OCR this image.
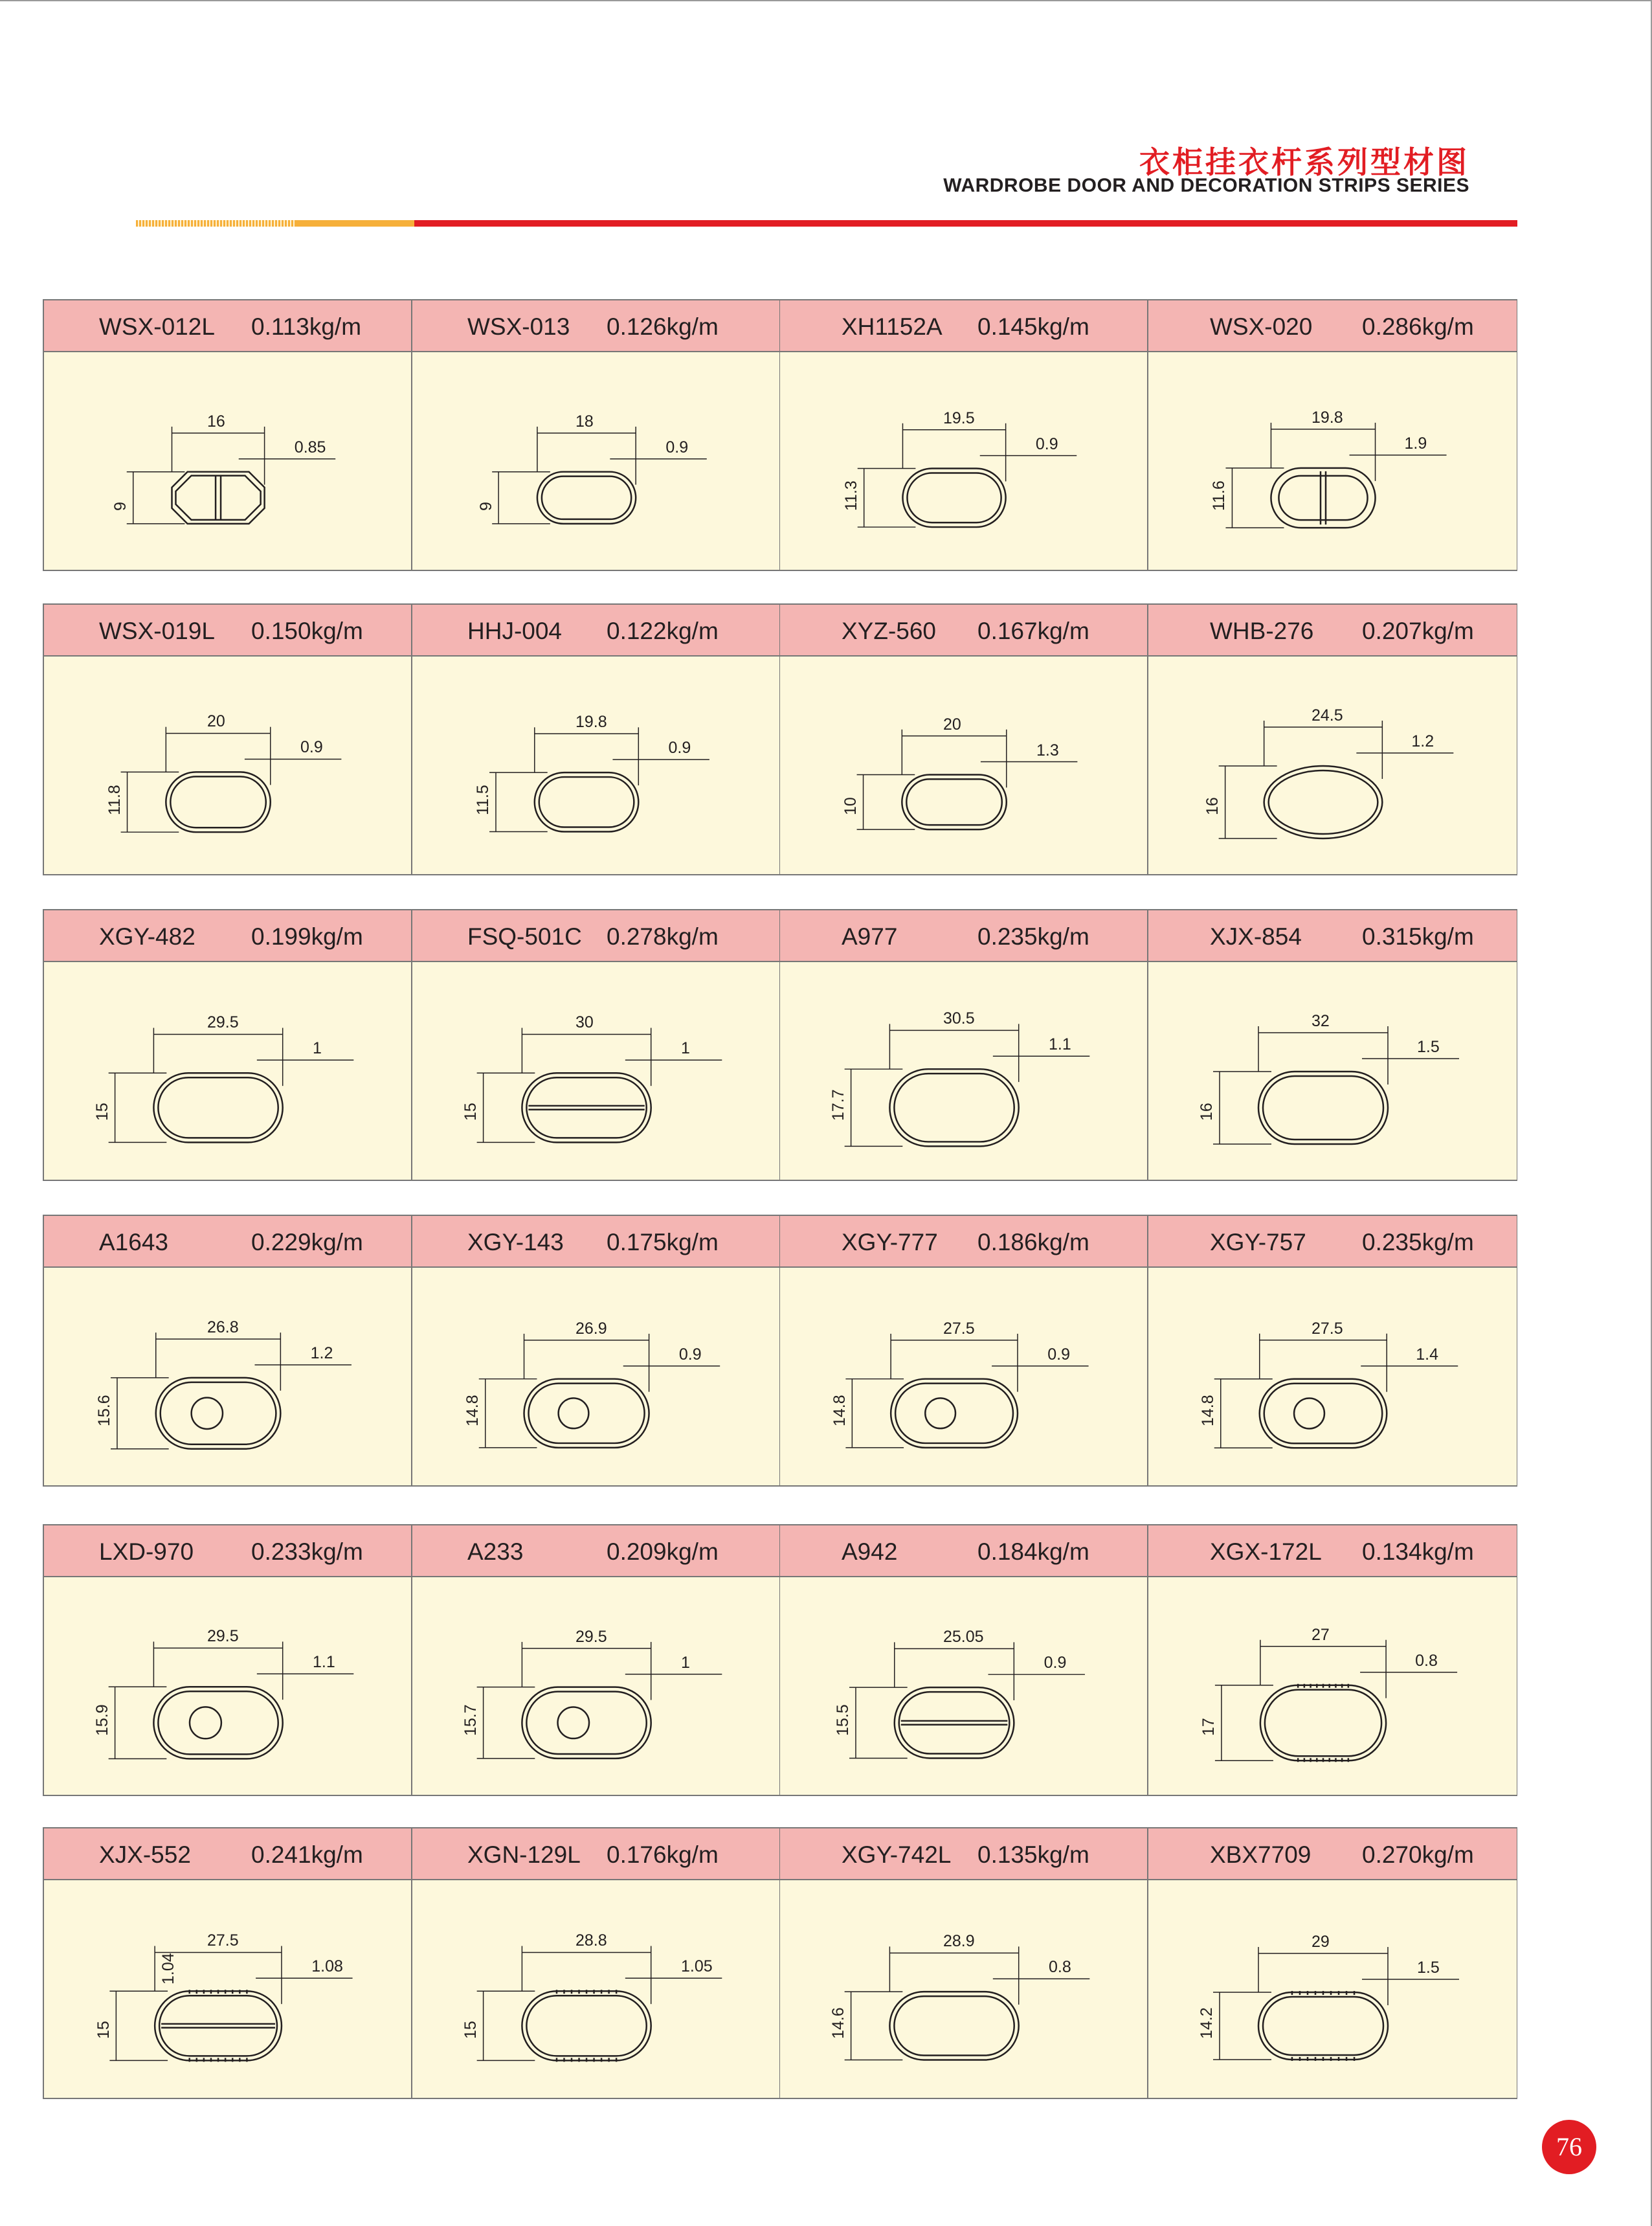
衣柜挂衣杆系列型材图
WARDROBE DOOR AND DECORATION STRIPS SERIES
WSX-012L 0.113kg/m
16
0.85
9
WSX-013 0.126kg/m
18
0.9
9
XH1152A 0.145kg/m
19.5
0.9
11.3
WSX-020 0.286kg/m
19.8
1.9
11.6
WSX-019L 0.150kg/m
20
0.9
11.8
HHJ-004 0.122kg/m
19.8
0.9
11.5
XYZ-560 0.167kg/m
20
1.3
10
WHB-276 0.207kg/m
24.5
1.2
16
XGY-482 0.199kg/m
29.5
1
15
FSQ-501C 0.278kg/m
30
1
15
A977	0.235kg/m
30.5
1.1
17.7
XJX-854	0.315kg/m
32
1.5
16
A1643	0.229kg/m
26.8
1.2
15.6
XGY-143 0.175kg/m
26.9
0.9
14.8
XGY-777 0.186kg/m
27.5
0.9
14.8
XGY-757 0.235kg/m
27.5
1.4
14.8
LXD-970 0.233kg/m
29.5
1.1
15.9
A233	0.209kg/m
29.5
1
15.7
A942	0.184kg/m
25.05
0.9
15.5
XGX-172L 0.134kg/m
27
0.8
17
XJX-552	0.241kg/m
27.5
1.08
15
1.04
XGN-129L 0.176kg/m
28.8
1.05
15
XGY-742L 0.135kg/m
28.9
0.8
14.6
XBX7709 0.270kg/m
29
1.5
14.2
76
